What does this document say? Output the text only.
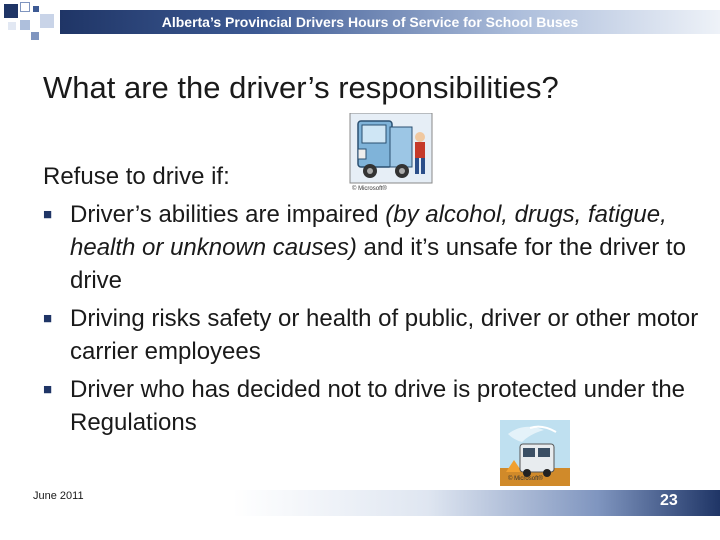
Alberta’s Provincial Drivers Hours of Service for School Buses
What are the driver’s responsibilities?
© Microsoft®
Refuse to drive if:
■ Driver’s abilities are impaired (by alcohol, drugs, fatigue, health or unknown causes) and it’s unsafe for the driver to drive
■ Driving risks safety or health of public, driver or other motor carrier employees
■ Driver who has decided not to drive is protected under the Regulations
© Microsoft®
June 2011	23
